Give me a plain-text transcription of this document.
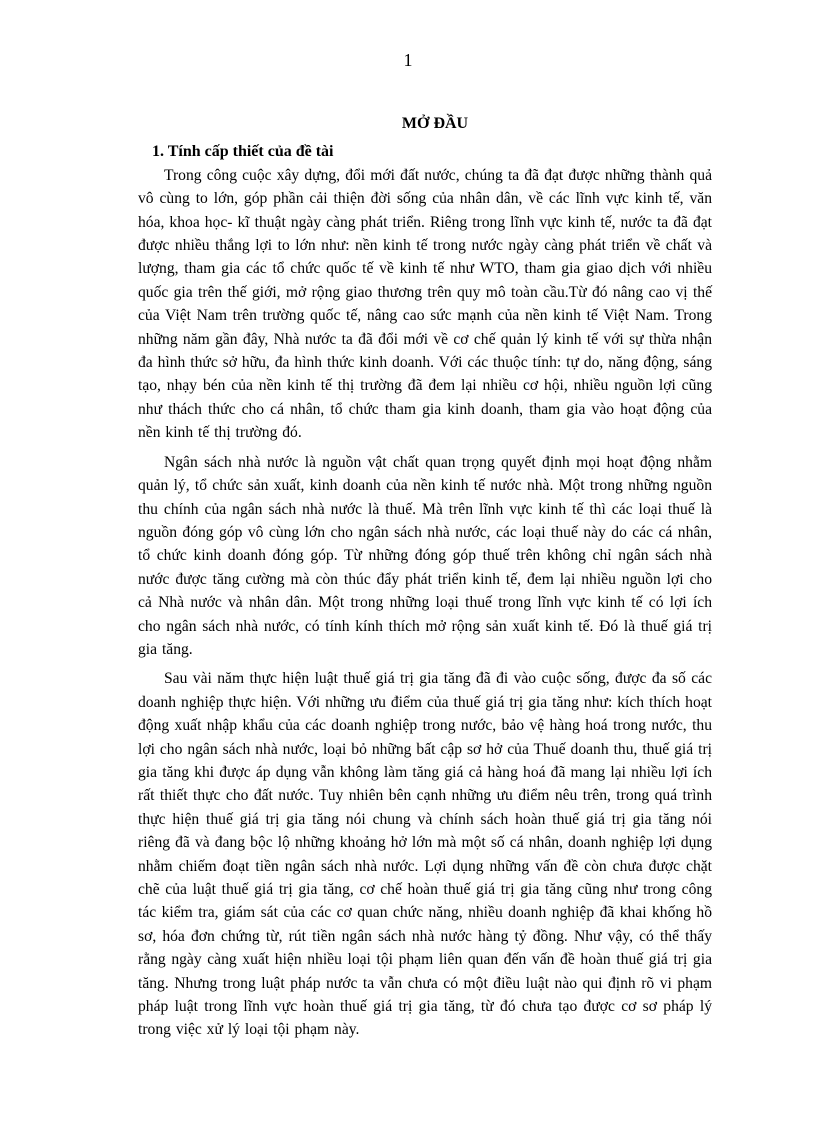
1
MỞ ĐẦU
1. Tính cấp thiết của đề tài

Trong công cuộc xây dựng, đổi mới đất nước, chúng ta đã đạt được những thành quả vô cùng to lớn, góp phần cải thiện đời sống của nhân dân, về các lĩnh vực kinh tế, văn hóa, khoa học- kĩ thuật ngày càng phát triển. Riêng trong lĩnh vực kinh tế, nước ta đã đạt được nhiều thắng lợi to lớn như: nền kinh tế trong nước ngày càng phát triển về chất và lượng, tham gia các tổ chức quốc tế về kinh tế như WTO, tham gia giao dịch với nhiều quốc gia trên thế giới, mở rộng giao thương trên quy mô toàn cầu.Từ đó nâng cao vị thế của Việt Nam trên trường quốc tế, nâng cao sức mạnh của nền kinh tế Việt Nam. Trong những năm gần đây, Nhà nước ta đã đổi mới về cơ chế quản lý kinh tế với sự thừa nhận đa hình thức sở hữu, đa hình thức kinh doanh. Với các thuộc tính: tự do, năng động, sáng tạo, nhạy bén của nền kinh tế thị trường đã đem lại nhiều cơ hội, nhiều nguồn lợi cũng như thách thức cho cá nhân, tổ chức tham gia kinh doanh, tham gia vào hoạt động của nền kinh tế thị trường đó.

Ngân sách nhà nước là nguồn vật chất quan trọng quyết định mọi hoạt động nhằm quản lý, tổ chức sản xuất, kinh doanh của nền kinh tế nước nhà. Một trong những nguồn thu chính của ngân sách nhà nước là thuế. Mà trên lĩnh vực kinh tế thì các loại thuế là nguồn đóng góp vô cùng lớn cho ngân sách nhà nước, các loại thuế này do các cá nhân, tổ chức kinh doanh đóng góp. Từ những đóng góp thuế trên không chỉ ngân sách nhà nước được tăng cường mà còn thúc đẩy phát triển kinh tế, đem lại nhiều nguồn lợi cho cả Nhà nước và nhân dân. Một trong những loại thuế trong lĩnh vực kinh tế có lợi ích cho ngân sách nhà nước, có tính kính thích mở rộng sản xuất kinh tế. Đó là thuế giá trị gia tăng.

Sau vài năm thực hiện luật thuế giá trị gia tăng đã đi vào cuộc sống, được đa số các doanh nghiệp thực hiện. Với những ưu điểm của thuế giá trị gia tăng như: kích thích hoạt động xuất nhập khẩu của các doanh nghiệp trong nước, bảo vệ hàng hoá trong nước, thu lợi cho ngân sách nhà nước, loại bỏ những bất cập sơ hở của Thuế doanh thu, thuế giá trị gia tăng khi được áp dụng vẫn không làm tăng giá cả hàng hoá đã mang lại nhiều lợi ích rất thiết thực cho đất nước. Tuy nhiên bên cạnh những ưu điểm nêu trên, trong quá trình thực hiện thuế giá trị gia tăng nói chung và chính sách hoàn thuế giá trị gia tăng nói riêng đã và đang bộc lộ những khoảng hở lớn mà một số cá nhân, doanh nghiệp lợi dụng nhằm chiếm đoạt tiền ngân sách nhà nước. Lợi dụng những vấn đề còn chưa được chặt chẽ của luật thuế giá trị gia tăng, cơ chế hoàn thuế giá trị gia tăng cũng như trong công tác kiểm tra, giám sát của các cơ quan chức năng, nhiều doanh nghiệp đã khai khống hồ sơ, hóa đơn chứng từ, rút tiền ngân sách nhà nước hàng tỷ đồng. Như vậy, có thể thấy rằng ngày càng xuất hiện nhiều loại tội phạm liên quan đến vấn đề hoàn thuế giá trị gia tăng. Nhưng trong luật pháp nước ta vẫn chưa có một điều luật nào qui định rõ vi phạm pháp luật trong lĩnh vực hoàn thuế giá trị gia tăng, từ đó chưa tạo được cơ sơ pháp lý trong việc xử lý loại tội phạm này.
